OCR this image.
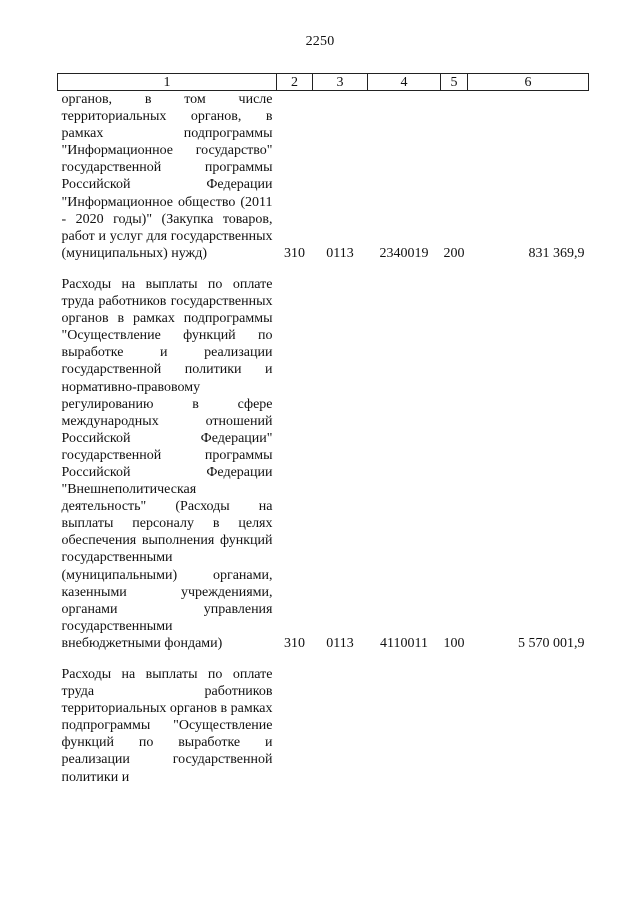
2250
1	2	3	4	5	6
органов, в том числе территориальных органов, в рамках подпрограммы "Информационное государство" государственной программы Российской Федерации "Информационное общество (2011 - 2020 годы)" (Закупка товаров, работ и услуг для государственных (муниципальных) нужд)	310	0113	2340019	200	831 369,9

Расходы на выплаты по оплате труда работников государственных органов в рамках подпрограммы "Осуществление функций по выработке и реализации государственной политики и нормативно-правовому регулированию в сфере международных отношений Российской Федерации" государственной программы Российской Федерации "Внешнеполитическая деятельность" (Расходы на выплаты персоналу в целях обеспечения выполнения функций государственными (муниципальными) органами, казенными учреждениями, органами управления государственными внебюджетными фондами)	310	0113	4110011	100	5 570 001,9

Расходы на выплаты по оплате труда работников территориальных органов в рамках подпрограммы "Осуществление функций по выработке и реализации государственной политики и					
